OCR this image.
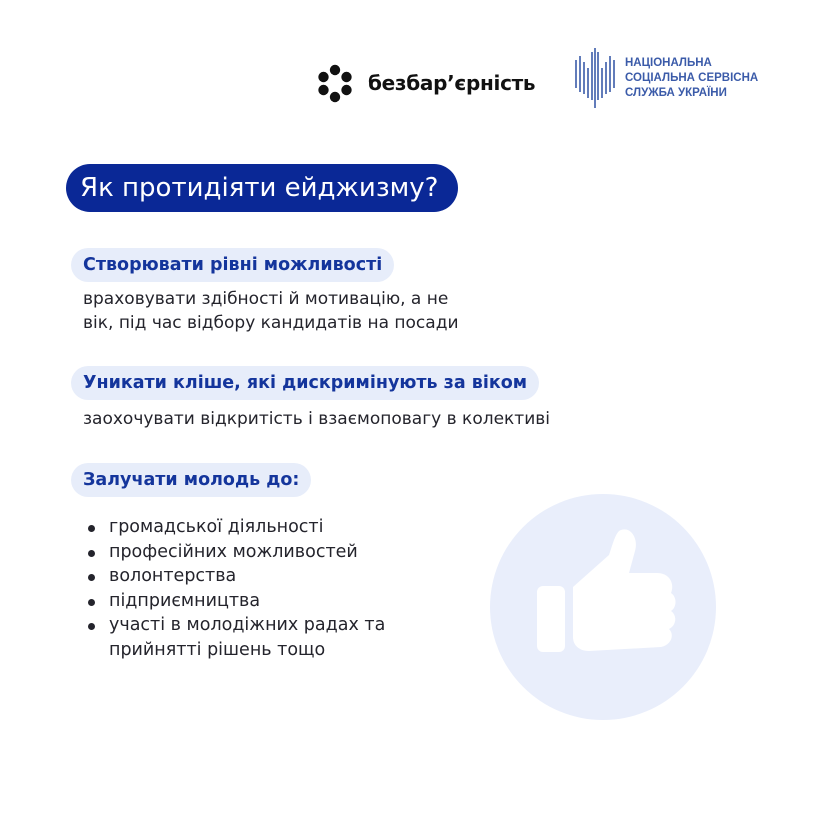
безбар’єрність
НАЦІОНАЛЬНА
СОЦІАЛЬНА СЕРВІСНА
СЛУЖБА УКРАЇНИ
Як протидіяти ейджизму?
Створювати рівні можливості
враховувати здібності й мотивацію, а не
вік, під час відбору кандидатів на посади
Уникати кліше, які дискримінують за віком
заохочувати відкритість і взаємоповагу в колективі
Залучати молодь до:
громадської діяльності
професійних можливостей
волонтерства
підприємництва
участі в молодіжних радах та
прийнятті рішень тощо
